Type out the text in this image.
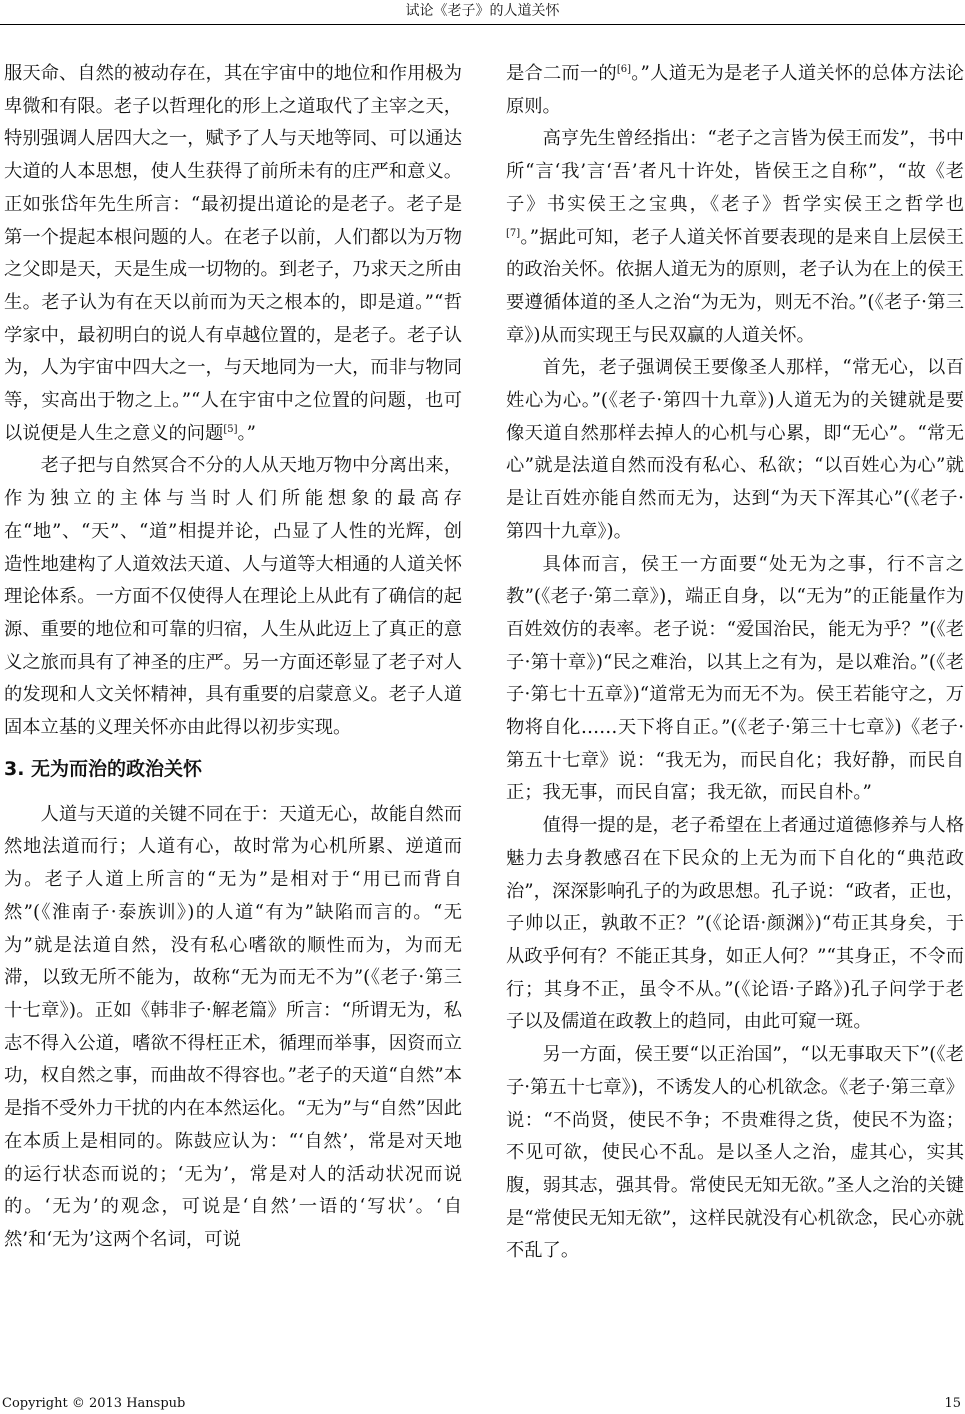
试论《老子》的人道关怀

服天命、自然的被动存在，其在宇宙中的地位和作用极为卑微和有限。老子以哲理化的形上之道取代了主宰之天，特别强调人居四大之一，赋予了人与天地等同、可以通达大道的人本思想，使人生获得了前所未有的庄严和意义。正如张岱年先生所言：“最初提出道论的是老子。老子是第一个提起本根问题的人。在老子以前，人们都以为万物之父即是天，天是生成一切物的。到老子，乃求天之所由生。老子认为有在天以前而为天之根本的，即是道。”“哲学家中，最初明白的说人有卓越位置的，是老子。老子认为，人为宇宙中四大之一，与天地同为一大，而非与物同等，实高出于物之上。”“人在宇宙中之位置的问题，也可以说便是人生之意义的问题[5]。”

老子把与自然冥合不分的人从天地万物中分离出来，作为独立的主体与当时人们所能想象的最高存在“地”、“天”、“道”相提并论，凸显了人性的光辉，创造性地建构了人道效法天道、人与道等大相通的人道关怀理论体系。一方面不仅使得人在理论上从此有了确信的起源、重要的地位和可靠的归宿，人生从此迈上了真正的意义之旅而具有了神圣的庄严。另一方面还彰显了老子对人的发现和人文关怀精神，具有重要的启蒙意义。老子人道固本立基的义理关怀亦由此得以初步实现。

3. 无为而治的政治关怀

人道与天道的关键不同在于：天道无心，故能自然而然地法道而行；人道有心，故时常为心机所累、逆道而为。老子人道上所言的“无为”是相对于“用已而背自然”(《淮南子·泰族训》)的人道“有为”缺陷而言的。“无为”就是法道自然，没有私心嗜欲的顺性而为，为而无滞，以致无所不能为，故称“无为而无不为”(《老子·第三十七章》)。正如《韩非子·解老篇》所言：“所谓无为，私志不得入公道，嗜欲不得枉正术，循理而举事，因资而立功，权自然之事，而曲故不得容也。”老子的天道“自然”本是指不受外力干扰的内在本然运化。“无为”与“自然”因此在本质上是相同的。陈鼓应认为：“‘自然’，常是对天地的运行状态而说的；‘无为’，常是对人的活动状况而说的。‘无为’的观念，可说是‘自然’一语的‘写状’。‘自然’和‘无为’这两个名词，可说

是合二而一的[6]。”人道无为是老子人道关怀的总体方法论原则。

高亨先生曾经指出：“老子之言皆为侯王而发”，书中所“言‘我’言‘吾’者凡十许处，皆侯王之自称”，“故《老子》书实侯王之宝典，《老子》哲学实侯王之哲学也[7]。”据此可知，老子人道关怀首要表现的是来自上层侯王的政治关怀。依据人道无为的原则，老子认为在上的侯王要遵循体道的圣人之治“为无为，则无不治。”(《老子·第三章》)从而实现王与民双赢的人道关怀。

首先，老子强调侯王要像圣人那样，“常无心，以百姓心为心。”(《老子·第四十九章》)人道无为的关键就是要像天道自然那样去掉人的心机与心累，即“无心”。“常无心”就是法道自然而没有私心、私欲；“以百姓心为心”就是让百姓亦能自然而无为，达到“为天下浑其心”(《老子·第四十九章》)。

具体而言，侯王一方面要“处无为之事，行不言之教”(《老子·第二章》)，端正自身，以“无为”的正能量作为百姓效仿的表率。老子说：“爱国治民，能无为乎？”(《老子·第十章》)“民之难治，以其上之有为，是以难治。”(《老子·第七十五章》)“道常无为而无不为。侯王若能守之，万物将自化……天下将自正。”(《老子·第三十七章》)《老子·第五十七章》说：“我无为，而民自化；我好静，而民自正；我无事，而民自富；我无欲，而民自朴。”

值得一提的是，老子希望在上者通过道德修养与人格魅力去身教感召在下民众的上无为而下自化的“典范政治”，深深影响孔子的为政思想。孔子说：“政者，正也，子帅以正，孰敢不正？”(《论语·颜渊》)“苟正其身矣，于从政乎何有？不能正其身，如正人何？”“其身正，不令而行；其身不正，虽令不从。”(《论语·子路》)孔子问学于老子以及儒道在政教上的趋同，由此可窥一斑。

另一方面，侯王要“以正治国”，“以无事取天下”(《老子·第五十七章》)，不诱发人的心机欲念。《老子·第三章》说：“不尚贤，使民不争；不贵难得之货，使民不为盗；不见可欲，使民心不乱。是以圣人之治，虚其心，实其腹，弱其志，强其骨。常使民无知无欲。”圣人之治的关键是“常使民无知无欲”，这样民就没有心机欲念，民心亦就不乱了。

Copyright © 2013 Hanspub	15
